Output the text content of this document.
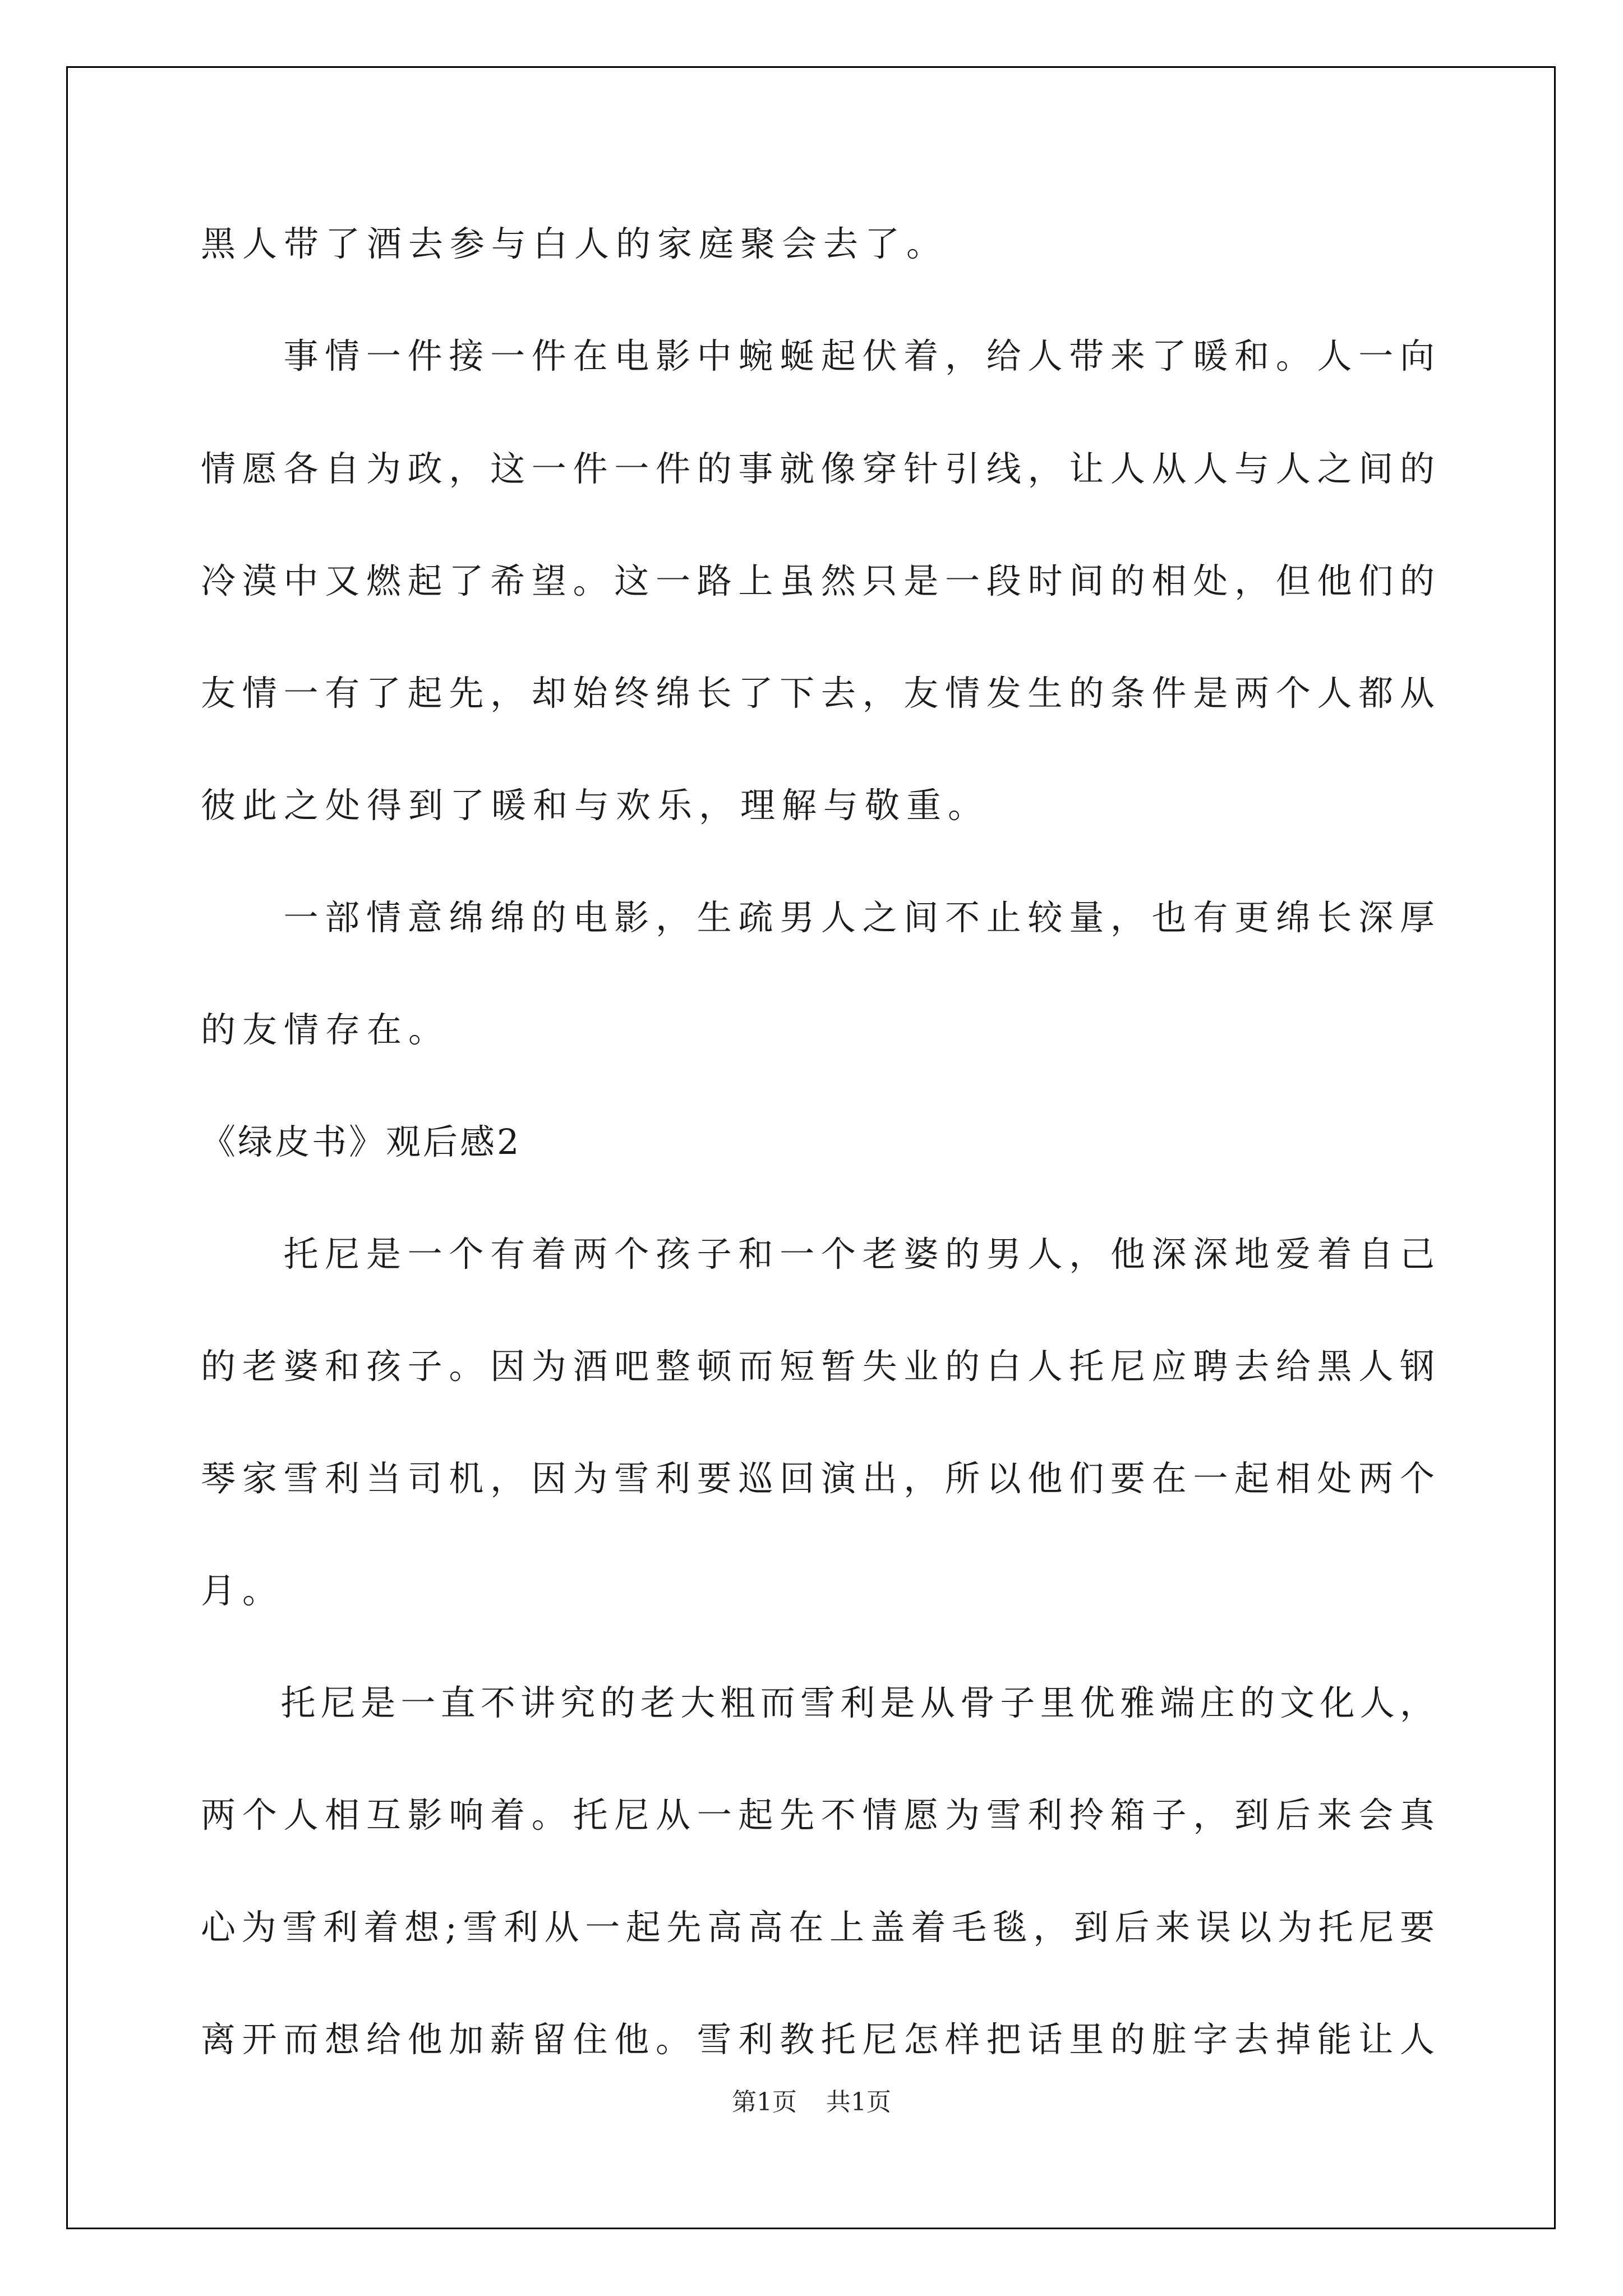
黑人带了酒去参与白人的家庭聚会去了。
　　事情一件接一件在电影中蜿蜒起伏着，给人带来了暖和。人一向
情愿各自为政，这一件一件的事就像穿针引线，让人从人与人之间的
冷漠中又燃起了希望。这一路上虽然只是一段时间的相处，但他们的
友情一有了起先，却始终绵长了下去，友情发生的条件是两个人都从
彼此之处得到了暖和与欢乐，理解与敬重。
　　一部情意绵绵的电影，生疏男人之间不止较量，也有更绵长深厚
的友情存在。
《绿皮书》观后感2
　　托尼是一个有着两个孩子和一个老婆的男人，他深深地爱着自己
的老婆和孩子。因为酒吧整顿而短暂失业的白人托尼应聘去给黑人钢
琴家雪利当司机，因为雪利要巡回演出，所以他们要在一起相处两个
月。
　　托尼是一直不讲究的老大粗而雪利是从骨子里优雅端庄的文化人，
两个人相互影响着。托尼从一起先不情愿为雪利拎箱子，到后来会真
心为雪利着想;雪利从一起先高高在上盖着毛毯，到后来误以为托尼要
离开而想给他加薪留住他。雪利教托尼怎样把话里的脏字去掉能让人
第1页 共1页
